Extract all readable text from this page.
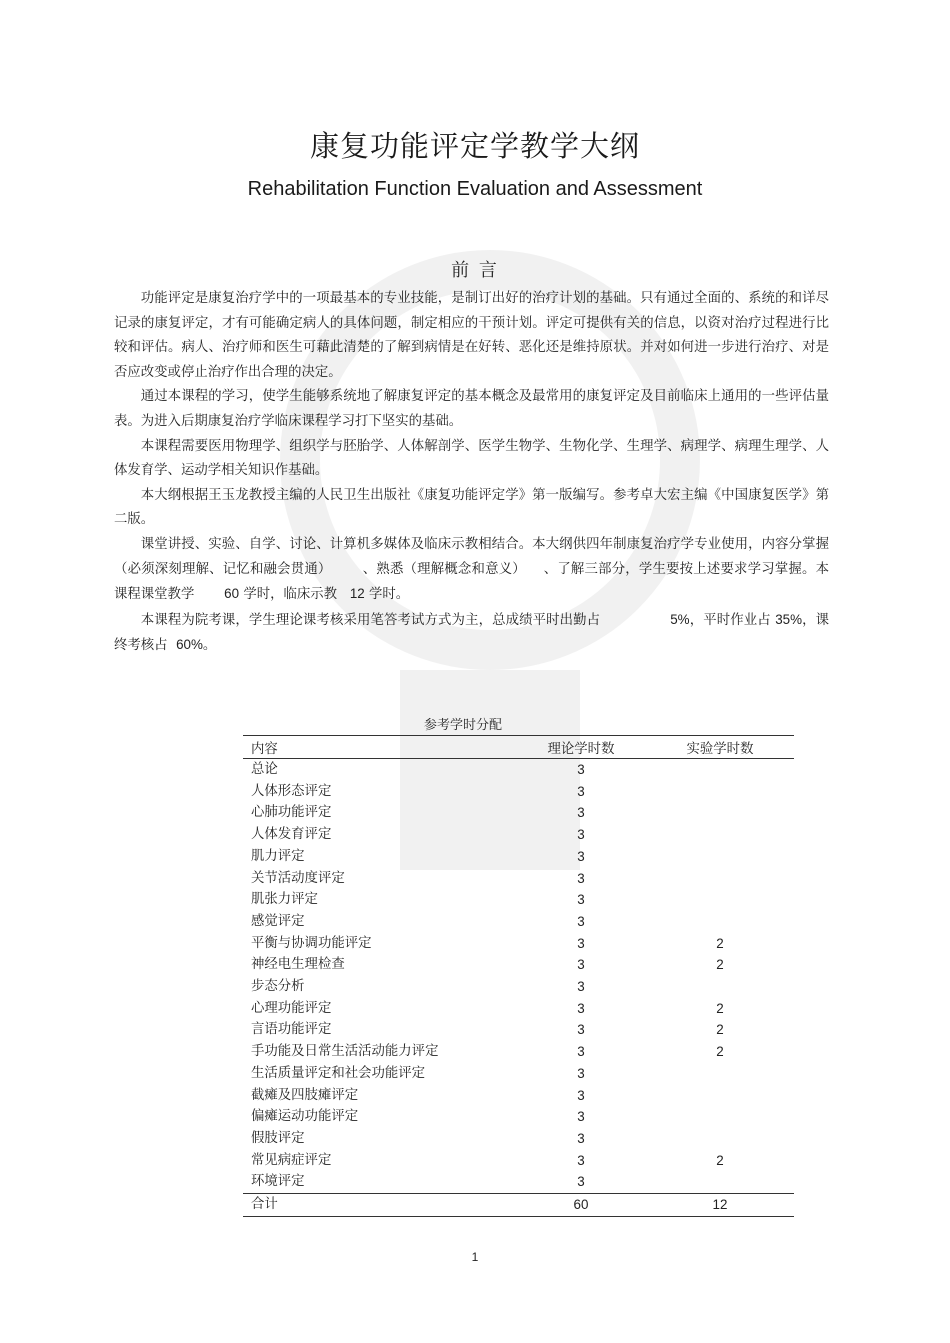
康复功能评定学教学大纲
Rehabilitation Function Evaluation and Assessment
前 言

功能评定是康复治疗学中的一项最基本的专业技能，是制订出好的治疗计划的基础。只有通过全面的、系统的和详尽记录的康复评定，才有可能确定病人的具体问题，制定相应的干预计划。评定可提供有关的信息，以资对治疗过程进行比较和评估。病人、治疗师和医生可藉此清楚的了解到病情是在好转、恶化还是维持原状。并对如何进一步进行治疗、对是否应改变或停止治疗作出合理的决定。

通过本课程的学习，使学生能够系统地了解康复评定的基本概念及最常用的康复评定及目前临床上通用的一些评估量表。为进入后期康复治疗学临床课程学习打下坚实的基础。

本课程需要医用物理学、组织学与胚胎学、人体解剖学、医学生物学、生物化学、生理学、病理学、病理生理学、人体发育学、运动学相关知识作基础。

本大纲根据王玉龙教授主编的人民卫生出版社《康复功能评定学》第一版编写。参考卓大宏主编《中国康复医学》第二版。

课堂讲授、实验、自学、讨论、计算机多媒体及临床示教相结合。本大纲供四年制康复治疗学专业使用，内容分掌握（必须深刻理解、记忆和融会贯通） 、熟悉（理解概念和意义） 、了解三部分，学生要按上述要求学习掌握。本课程课堂教学 60 学时，临床示教 12 学时。

本课程为院考课，学生理论课考核采用笔答考试方式为主，总成绩平时出勤占	5%，平时作业占 35%，课终考核占 60%。

参考学时分配
内容	理论学时数	实验学时数
总论	3	
人体形态评定	3	
心肺功能评定	3	
人体发育评定	3	
肌力评定	3	
关节活动度评定	3	
肌张力评定	3	
感觉评定	3	
平衡与协调功能评定	3	2
神经电生理检查	3	2
步态分析	3	
心理功能评定	3	2
言语功能评定	3	2
手功能及日常生活活动能力评定	3	2
生活质量评定和社会功能评定	3	
截瘫及四肢瘫评定	3	
偏瘫运动功能评定	3	
假肢评定	3	
常见病症评定	3	2
环境评定	3	
合计	60	12
1
